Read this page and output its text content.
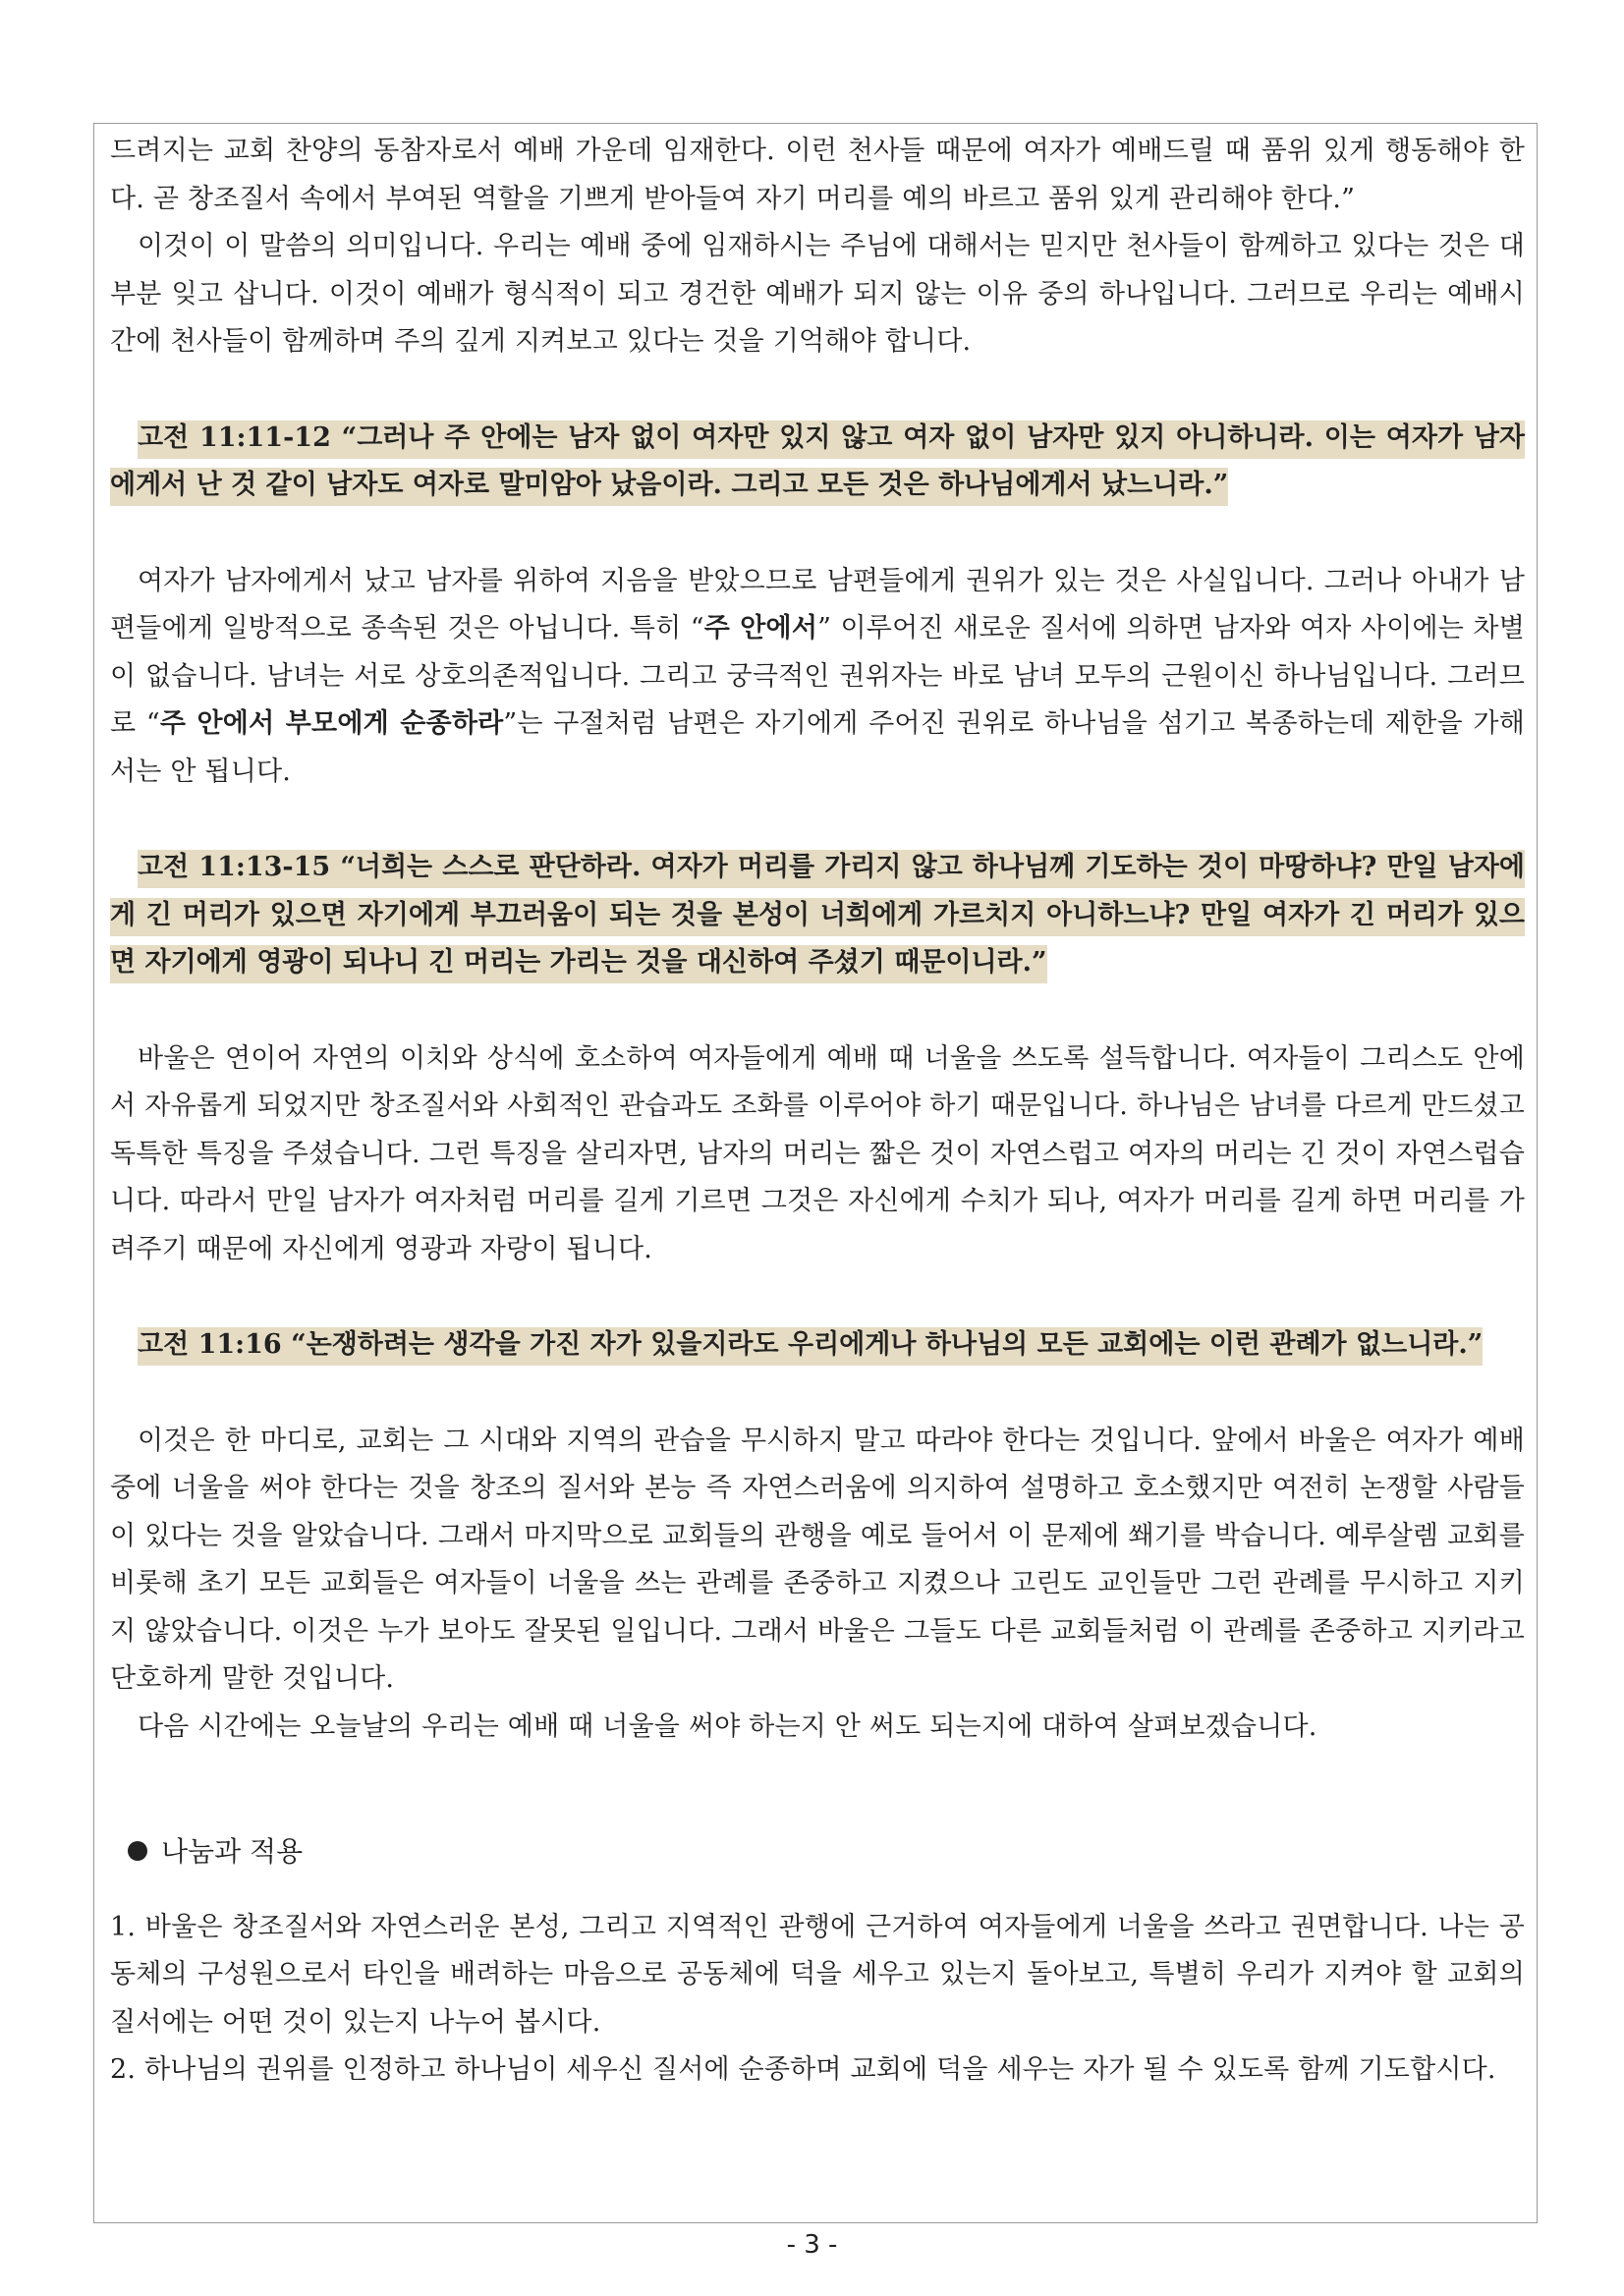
드려지는 교회 찬양의 동참자로서 예배 가운데 임재한다. 이런 천사들 때문에 여자가 예배드릴 때 품위 있게 행동해야 한다. 곧 창조질서 속에서 부여된 역할을 기쁘게 받아들여 자기 머리를 예의 바르고 품위 있게 관리해야 한다.”

이것이 이 말씀의 의미입니다. 우리는 예배 중에 임재하시는 주님에 대해서는 믿지만 천사들이 함께하고 있다는 것은 대부분 잊고 삽니다. 이것이 예배가 형식적이 되고 경건한 예배가 되지 않는 이유 중의 하나입니다. 그러므로 우리는 예배시간에 천사들이 함께하며 주의 깊게 지켜보고 있다는 것을 기억해야 합니다.

고전 11:11-12 “그러나 주 안에는 남자 없이 여자만 있지 않고 여자 없이 남자만 있지 아니하니라. 이는 여자가 남자에게서 난 것 같이 남자도 여자로 말미암아 났음이라. 그리고 모든 것은 하나님에게서 났느니라.”

여자가 남자에게서 났고 남자를 위하여 지음을 받았으므로 남편들에게 권위가 있는 것은 사실입니다. 그러나 아내가 남편들에게 일방적으로 종속된 것은 아닙니다. 특히 “주 안에서” 이루어진 새로운 질서에 의하면 남자와 여자 사이에는 차별이 없습니다. 남녀는 서로 상호의존적입니다. 그리고 궁극적인 권위자는 바로 남녀 모두의 근원이신 하나님입니다. 그러므로 “주 안에서 부모에게 순종하라”는 구절처럼 남편은 자기에게 주어진 권위로 하나님을 섬기고 복종하는데 제한을 가해서는 안 됩니다.

고전 11:13-15 “너희는 스스로 판단하라. 여자가 머리를 가리지 않고 하나님께 기도하는 것이 마땅하냐? 만일 남자에게 긴 머리가 있으면 자기에게 부끄러움이 되는 것을 본성이 너희에게 가르치지 아니하느냐? 만일 여자가 긴 머리가 있으면 자기에게 영광이 되나니 긴 머리는 가리는 것을 대신하여 주셨기 때문이니라.”

바울은 연이어 자연의 이치와 상식에 호소하여 여자들에게 예배 때 너울을 쓰도록 설득합니다. 여자들이 그리스도 안에서 자유롭게 되었지만 창조질서와 사회적인 관습과도 조화를 이루어야 하기 때문입니다. 하나님은 남녀를 다르게 만드셨고 독특한 특징을 주셨습니다. 그런 특징을 살리자면, 남자의 머리는 짧은 것이 자연스럽고 여자의 머리는 긴 것이 자연스럽습니다. 따라서 만일 남자가 여자처럼 머리를 길게 기르면 그것은 자신에게 수치가 되나, 여자가 머리를 길게 하면 머리를 가려주기 때문에 자신에게 영광과 자랑이 됩니다.

고전 11:16 “논쟁하려는 생각을 가진 자가 있을지라도 우리에게나 하나님의 모든 교회에는 이런 관례가 없느니라.”

이것은 한 마디로, 교회는 그 시대와 지역의 관습을 무시하지 말고 따라야 한다는 것입니다. 앞에서 바울은 여자가 예배 중에 너울을 써야 한다는 것을 창조의 질서와 본능 즉 자연스러움에 의지하여 설명하고 호소했지만 여전히 논쟁할 사람들이 있다는 것을 알았습니다. 그래서 마지막으로 교회들의 관행을 예로 들어서 이 문제에 쐐기를 박습니다. 예루살렘 교회를 비롯해 초기 모든 교회들은 여자들이 너울을 쓰는 관례를 존중하고 지켰으나 고린도 교인들만 그런 관례를 무시하고 지키지 않았습니다. 이것은 누가 보아도 잘못된 일입니다. 그래서 바울은 그들도 다른 교회들처럼 이 관례를 존중하고 지키라고 단호하게 말한 것입니다.

다음 시간에는 오늘날의 우리는 예배 때 너울을 써야 하는지 안 써도 되는지에 대하여 살펴보겠습니다.

나눔과 적용

1. 바울은 창조질서와 자연스러운 본성, 그리고 지역적인 관행에 근거하여 여자들에게 너울을 쓰라고 권면합니다. 나는 공동체의 구성원으로서 타인을 배려하는 마음으로 공동체에 덕을 세우고 있는지 돌아보고, 특별히 우리가 지켜야 할 교회의 질서에는 어떤 것이 있는지 나누어 봅시다.

2. 하나님의 권위를 인정하고 하나님이 세우신 질서에 순종하며 교회에 덕을 세우는 자가 될 수 있도록 함께 기도합시다.

- 3 -
